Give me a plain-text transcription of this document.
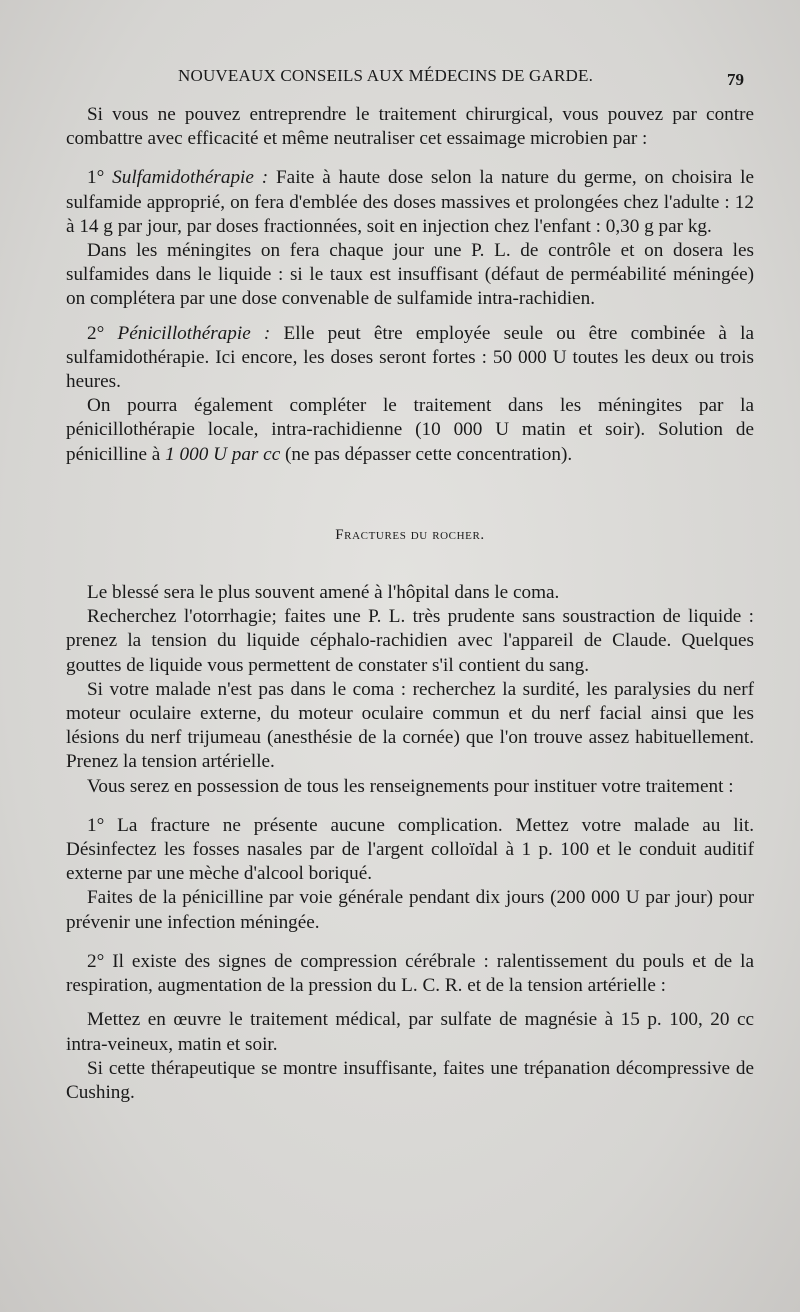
NOUVEAUX CONSEILS AUX MÉDECINS DE GARDE.	79

Si vous ne pouvez entreprendre le traitement chirurgical, vous pouvez par contre combattre avec efficacité et même neutraliser cet essaimage microbien par :

1° Sulfamidothérapie : Faite à haute dose selon la nature du germe, on choisira le sulfamide approprié, on fera d'emblée des doses massives et prolongées chez l'adulte : 12 à 14 g par jour, par doses fractionnées, soit en injection chez l'enfant : 0,30 g par kg.

Dans les méningites on fera chaque jour une P. L. de contrôle et on dosera les sulfamides dans le liquide : si le taux est insuffisant (défaut de perméabilité méningée) on complétera par une dose convenable de sulfamide intra-rachidien.

2° Pénicillothérapie : Elle peut être employée seule ou être combinée à la sulfamidothérapie. Ici encore, les doses seront fortes : 50 000 U toutes les deux ou trois heures.

On pourra également compléter le traitement dans les méningites par la pénicillothérapie locale, intra-rachidienne (10 000 U matin et soir). Solution de pénicilline à 1 000 U par cc (ne pas dépasser cette concentration).

Fractures du rocher.

Le blessé sera le plus souvent amené à l'hôpital dans le coma.

Recherchez l'otorrhagie; faites une P. L. très prudente sans soustraction de liquide : prenez la tension du liquide céphalo-rachidien avec l'appareil de Claude. Quelques gouttes de liquide vous permettent de constater s'il contient du sang.

Si votre malade n'est pas dans le coma : recherchez la surdité, les paralysies du nerf moteur oculaire externe, du moteur oculaire commun et du nerf facial ainsi que les lésions du nerf trijumeau (anesthésie de la cornée) que l'on trouve assez habituellement. Prenez la tension artérielle.

Vous serez en possession de tous les renseignements pour instituer votre traitement :

1° La fracture ne présente aucune complication. Mettez votre malade au lit. Désinfectez les fosses nasales par de l'argent colloïdal à 1 p. 100 et le conduit auditif externe par une mèche d'alcool boriqué.

Faites de la pénicilline par voie générale pendant dix jours (200 000 U par jour) pour prévenir une infection méningée.

2° Il existe des signes de compression cérébrale : ralentissement du pouls et de la respiration, augmentation de la pression du L. C. R. et de la tension artérielle :

Mettez en œuvre le traitement médical, par sulfate de magnésie à 15 p. 100, 20 cc intra-veineux, matin et soir.

Si cette thérapeutique se montre insuffisante, faites une trépanation décompressive de Cushing.
